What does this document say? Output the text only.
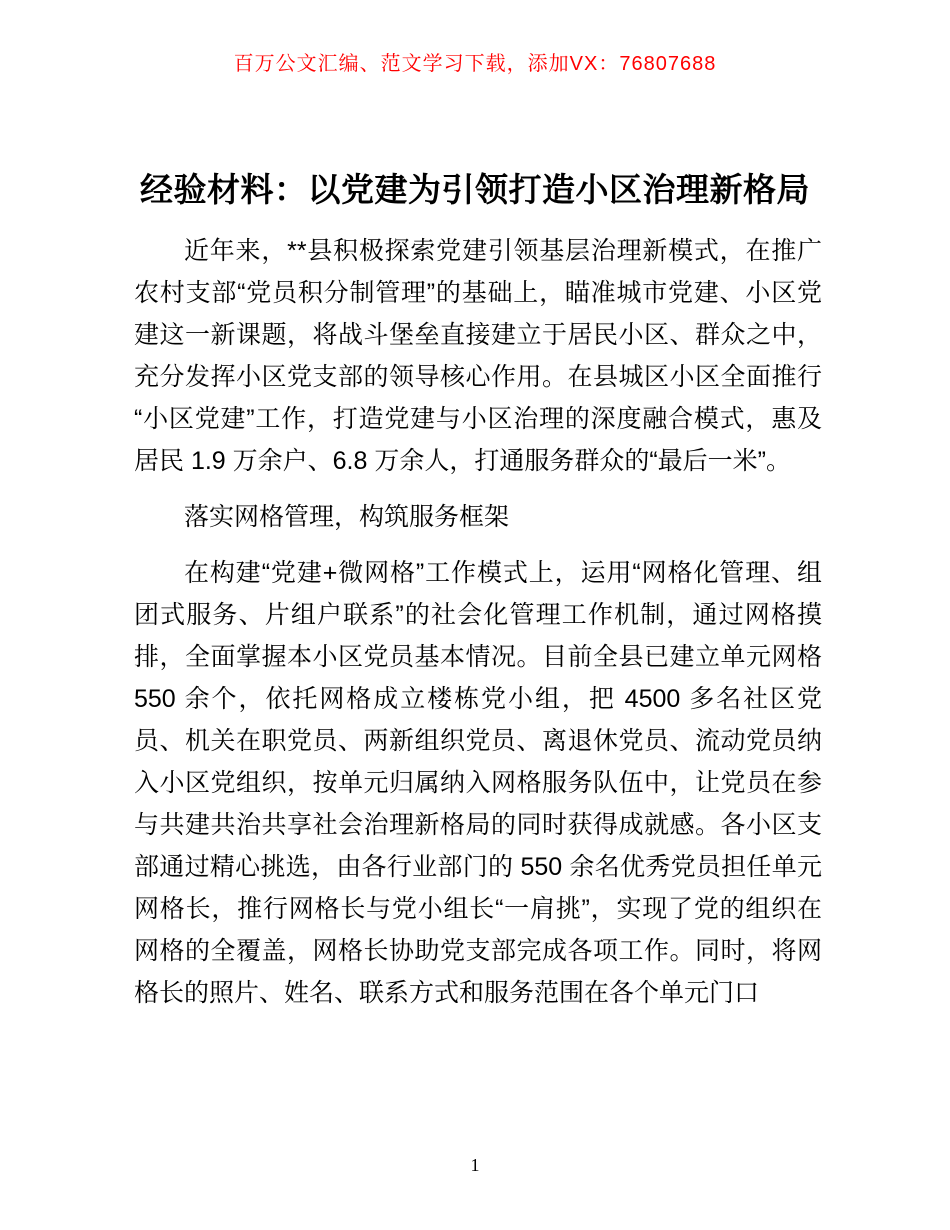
百万公文汇编、范文学习下载，添加VX：76807688
经验材料：以党建为引领打造小区治理新格局

近年来，**县积极探索党建引领基层治理新模式，在推广农村支部“党员积分制管理”的基础上，瞄准城市党建、小区党建这一新课题，将战斗堡垒直接建立于居民小区、群众之中，充分发挥小区党支部的领导核心作用。在县城区小区全面推行“小区党建”工作，打造党建与小区治理的深度融合模式，惠及居民 1.9 万余户、6.8 万余人，打通服务群众的“最后一米”。

落实网格管理，构筑服务框架

在构建“党建+微网格”工作模式上，运用“网格化管理、组团式服务、片组户联系”的社会化管理工作机制，通过网格摸排，全面掌握本小区党员基本情况。目前全县已建立单元网格 550 余个，依托网格成立楼栋党小组，把 4500 多名社区党员、机关在职党员、两新组织党员、离退休党员、流动党员纳入小区党组织，按单元归属纳入网格服务队伍中，让党员在参与共建共治共享社会治理新格局的同时获得成就感。各小区支部通过精心挑选，由各行业部门的 550 余名优秀党员担任单元网格长，推行网格长与党小组长“一肩挑”，实现了党的组织在网格的全覆盖，网格长协助党支部完成各项工作。同时，将网格长的照片、姓名、联系方式和服务范围在各个单元门口

1
